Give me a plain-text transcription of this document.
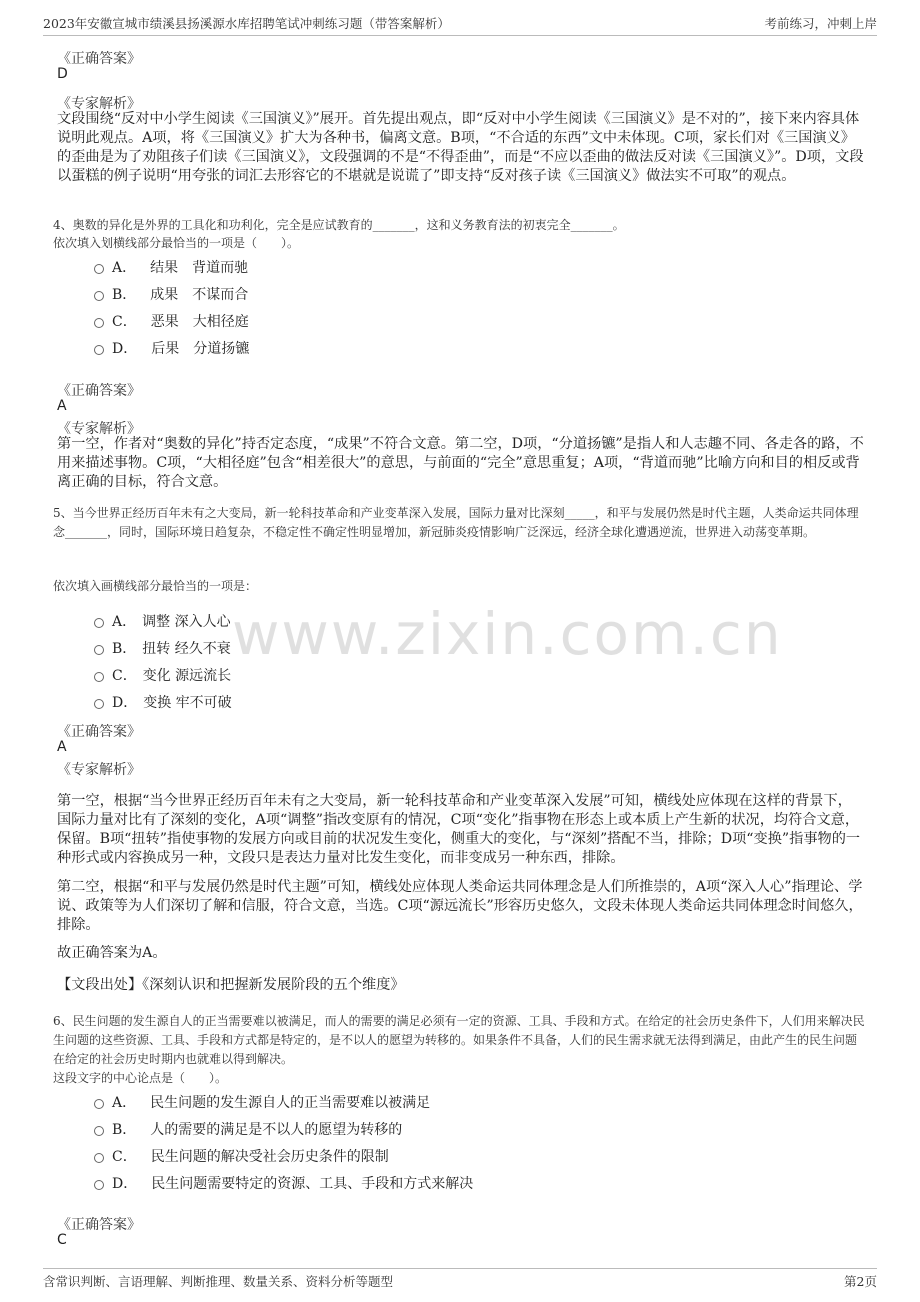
2023年安徽宣城市绩溪县扬溪源水库招聘笔试冲刺练习题（带答案解析）	考前练习，冲刺上岸
www.zixin.com.cn
《正确答案》
D
《专家解析》
文段围绕“反对中小学生阅读《三国演义》”展开。首先提出观点，即“反对中小学生阅读《三国演义》是不对的”，接下来内容具体说明此观点。A项，将《三国演义》扩大为各种书，偏离文意。B项，“不合适的东西”文中未体现。C项，家长们对《三国演义》的歪曲是为了劝阻孩子们读《三国演义》，文段强调的不是“不得歪曲”，而是“不应以歪曲的做法反对读《三国演义》”。D项，文段以蛋糕的例子说明“用夸张的词汇去形容它的不堪就是说谎了”即支持“反对孩子读《三国演义》做法实不可取”的观点。
4、奥数的异化是外界的工具化和功利化，完全是应试教育的_______，这和义务教育法的初衷完全_______。
依次填入划横线部分最恰当的一项是（　　）。
A． 结果　背道而驰
B． 成果　不谋而合
C． 恶果　大相径庭
D． 后果　分道扬镳
《正确答案》
A
《专家解析》
第一空，作者对“奥数的异化”持否定态度，“成果”不符合文意。第二空，D项，“分道扬镳”是指人和人志趣不同、各走各的路，不用来描述事物。C项，“大相径庭”包含“相差很大”的意思，与前面的“完全”意思重复；A项，“背道而驰”比喻方向和目的相反或背离正确的目标，符合文意。
5、当今世界正经历百年未有之大变局，新一轮科技革命和产业变革深入发展，国际力量对比深刻_____，和平与发展仍然是时代主题，人类命运共同体理念_______，同时，国际环境日趋复杂，不稳定性不确定性明显增加，新冠肺炎疫情影响广泛深远，经济全球化遭遇逆流，世界进入动荡变革期。
依次填入画横线部分最恰当的一项是：
A． 调整 深入人心
B． 扭转 经久不衰
C． 变化 源远流长
D． 变换 牢不可破
《正确答案》
A
《专家解析》
第一空，根据“当今世界正经历百年未有之大变局，新一轮科技革命和产业变革深入发展”可知，横线处应体现在这样的背景下，国际力量对比有了深刻的变化，A项“调整”指改变原有的情况，C项“变化”指事物在形态上或本质上产生新的状况，均符合文意，保留。B项“扭转”指使事物的发展方向或目前的状况发生变化，侧重大的变化，与“深刻”搭配不当，排除；D项“变换”指事物的一种形式或内容换成另一种，文段只是表达力量对比发生变化，而非变成另一种东西，排除。
第二空，根据“和平与发展仍然是时代主题”可知，横线处应体现人类命运共同体理念是人们所推崇的，A项“深入人心”指理论、学说、政策等为人们深切了解和信服，符合文意，当选。C项“源远流长”形容历史悠久，文段未体现人类命运共同体理念时间悠久，排除。
故正确答案为A。
【文段出处】《深刻认识和把握新发展阶段的五个维度》
6、民生问题的发生源自人的正当需要难以被满足，而人的需要的满足必须有一定的资源、工具、手段和方式。在给定的社会历史条件下，人们用来解决民生问题的这些资源、工具、手段和方式都是特定的，是不以人的愿望为转移的。如果条件不具备，人们的民生需求就无法得到满足，由此产生的民生问题在给定的社会历史时期内也就难以得到解决。
这段文字的中心论点是（　　）。
A． 民生问题的发生源自人的正当需要难以被满足
B． 人的需要的满足是不以人的愿望为转移的
C． 民生问题的解决受社会历史条件的限制
D． 民生问题需要特定的资源、工具、手段和方式来解决
《正确答案》
C
含常识判断、言语理解、判断推理、数量关系、资料分析等题型	第2页
